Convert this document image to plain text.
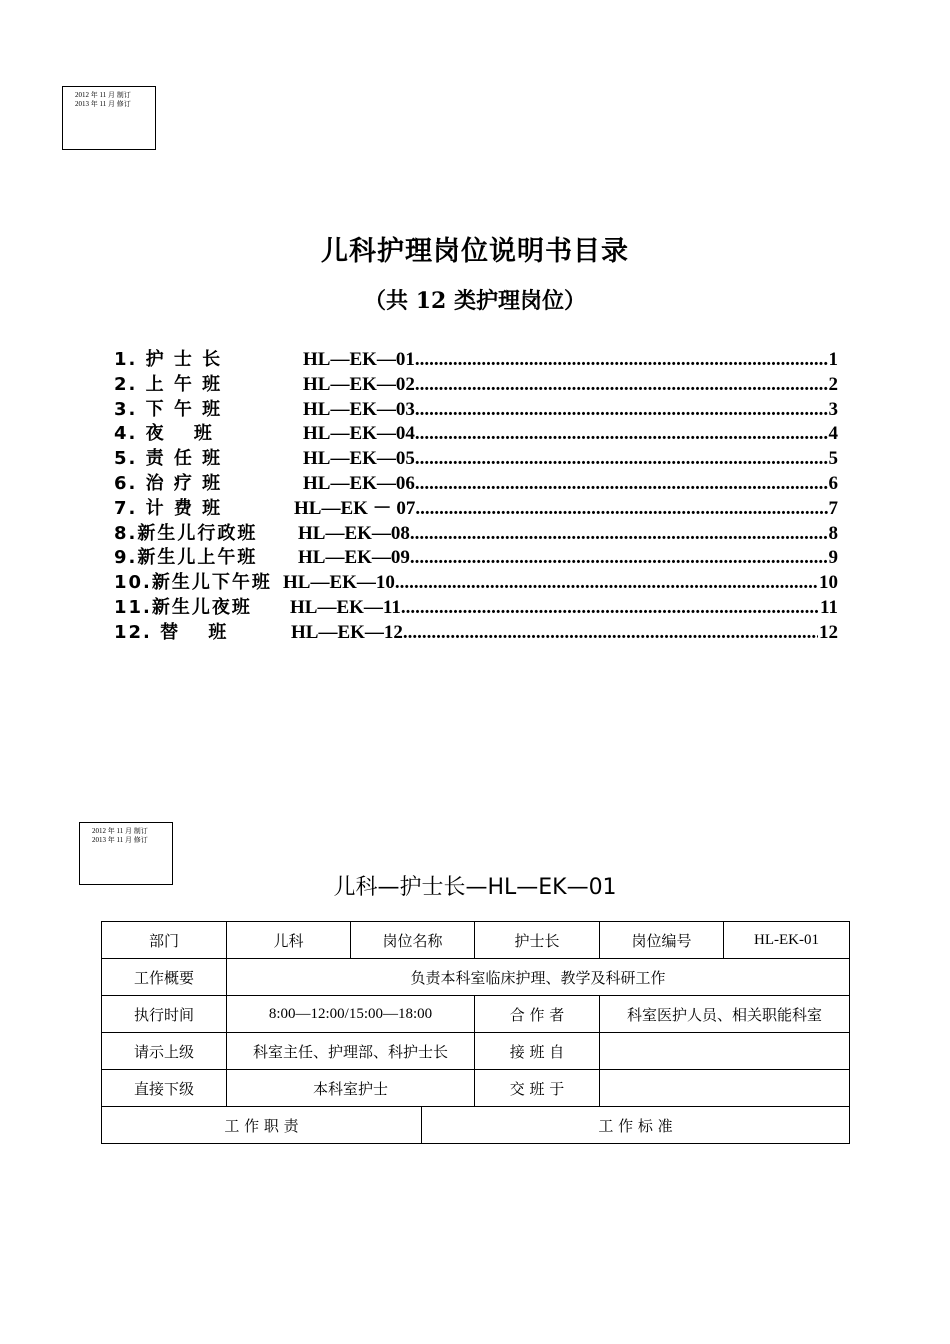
2012 年 11 月 制订
2013 年 11 月 修订
儿科护理岗位说明书目录
（共 12 类护理岗位）
1. 护 士 长	HL—EK—01 .....	1
2. 上 午 班	HL—EK—02 .....	2
3. 下 午 班	HL—EK—03 .....	3
4. 夜　 班	HL—EK—04 .....	4
5. 责 任 班	HL—EK—05 .....	5
6. 治 疗 班	HL—EK—06 .....	6
7. 计 费 班	HL—EK － 07 .....	7
8.新生儿行政班 HL—EK—08 .....	8
9.新生儿上午班 HL—EK—09 .....	9
10.新生儿下午班 HL—EK—10 .....	10
11.新生儿夜班 HL—EK—11 .....	11
12. 替　 班	HL—EK—12 .....	12
2012 年 11 月 制订
2013 年 11 月 修订
儿科—护士长—HL—EK—01
部门	儿科	岗位名称	护士长	岗位编号	HL-EK-01
工作概要	负责本科室临床护理、教学及科研工作				
执行时间	8:00—12:00/15:00—18:00		合 作 者	科室医护人员、相关职能科室	
请示上级	科室主任、护理部、科护士长		接 班 自		
直接下级	本科室护士		交 班 于		
工 作 职 责	工 作 标 准
